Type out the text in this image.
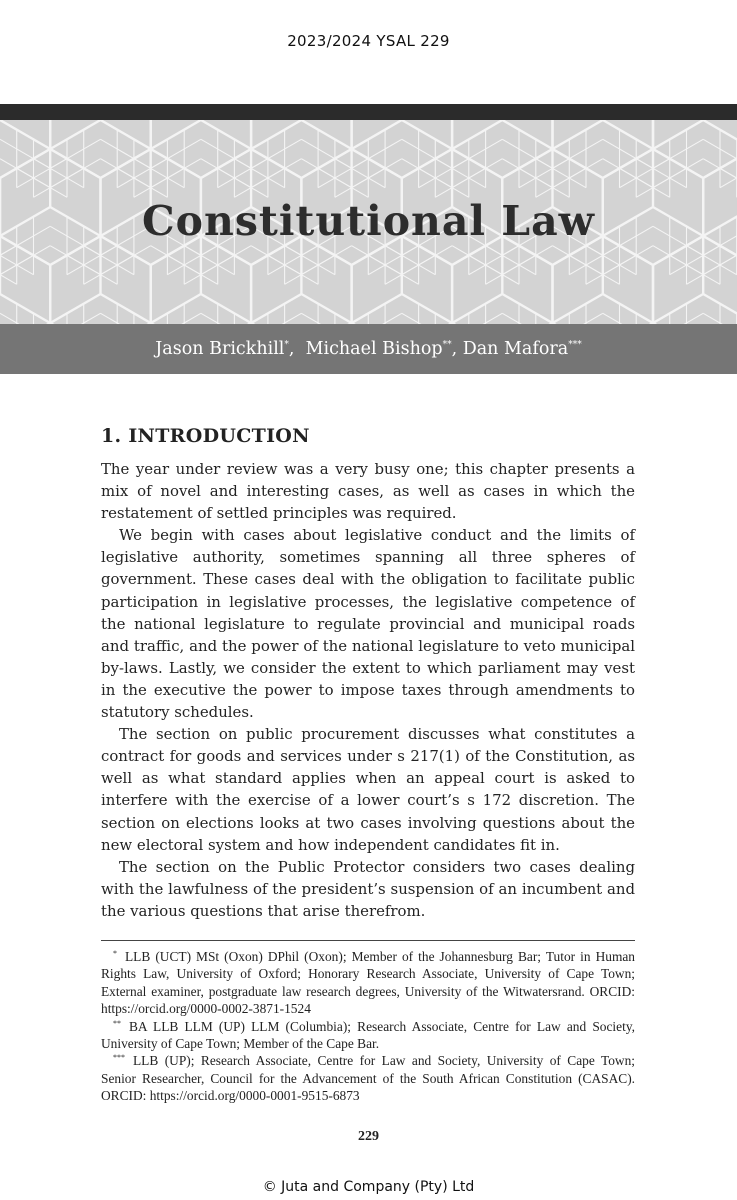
2023/2024 YSAL 229
Constitutional Law
Jason Brickhill*,  Michael Bishop**, Dan Mafora***
1. INTRODUCTION

The year under review was a very busy one; this chapter presents a mix of novel and interesting cases, as well as cases in which the restatement of settled principles was required.

We begin with cases about legislative conduct and the limits of legislative authority, sometimes spanning all three spheres of government. These cases deal with the obligation to facilitate public participation in legislative processes, the legislative competence of the national legislature to regulate provincial and municipal roads and traffic, and the power of the national legislature to veto municipal by-laws. Lastly, we consider the extent to which parliament may vest in the executive the power to impose taxes through amendments to statutory schedules.

The section on public procurement discusses what constitutes a contract for goods and services under s 217(1) of the Constitution, as well as what standard applies when an appeal court is asked to interfere with the exercise of a lower court’s s 172 discretion. The section on elections looks at two cases involving questions about the new electoral system and how independent candidates fit in.

The section on the Public Protector considers two cases dealing with the lawfulness of the president’s suspension of an incumbent and the various questions that arise therefrom.

* LLB (UCT) MSt (Oxon) DPhil (Oxon); Member of the Johannesburg Bar; Tutor in Human Rights Law, University of Oxford; Honorary Research Associate, University of Cape Town; External examiner, postgraduate law research degrees, University of the Witwatersrand. ORCID: https://orcid.org/0000-0002-3871-1524

** BA LLB LLM (UP) LLM (Columbia); Research Associate, Centre for Law and Society, University of Cape Town; Member of the Cape Bar.

*** LLB (UP); Research Associate, Centre for Law and Society, University of Cape Town; Senior Researcher, Council for the Advancement of the South African Constitution (CASAC). ORCID: https://orcid.org/0000-0001-9515-6873

229
© Juta and Company (Pty) Ltd
